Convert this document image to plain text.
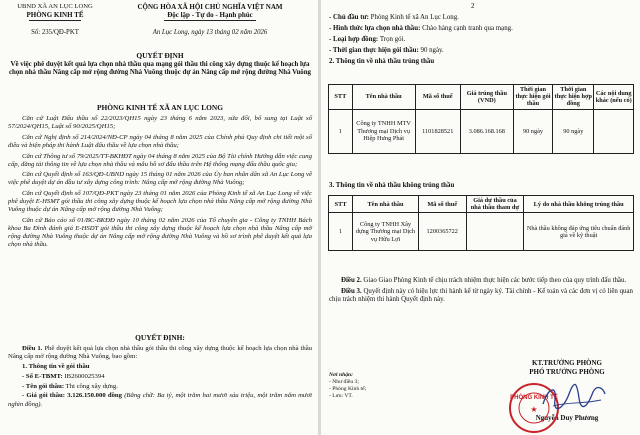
UBND XÃ AN LỤC LONG
PHÒNG KINH TẾ
Số: 235/QĐ-PKT
CỘNG HÒA XÃ HỘI CHỦ NGHĨA VIỆT NAM
Độc lập - Tự do - Hạnh phúc
An Lục Long, ngày 13 tháng 02 năm 2026
QUYẾT ĐỊNH
Về việc phê duyệt kết quả lựa chọn nhà thầu qua mạng gói thầu thi công xây dựng thuộc kế hoạch lựa chọn nhà thầu Nâng cấp mở rộng đường Nhà Vuông thuộc dự án Nâng cấp mở rộng đường Nhà Vuông
PHÒNG KINH TẾ XÃ AN LỤC LONG

Căn cứ Luật Đấu thầu số 22/2023/QH15 ngày 23 tháng 6 năm 2023, sửa đổi, bổ sung tại Luật số 57/2024/QH15, Luật số 90/2025/QH15;

Căn cứ Nghị định số 214/2024/NĐ-CP ngày 04 tháng 8 năm 2025 của Chính phủ Quy định chi tiết một số điều và biện pháp thi hành Luật đấu thầu về lựa chọn nhà thầu;

Căn cứ Thông tư số 79/2025/TT-BKHĐT ngày 04 tháng 8 năm 2025 của Bộ Tài chính Hướng dẫn việc cung cấp, đăng tải thông tin về lựa chọn nhà thầu và mẫu hồ sơ đấu thầu trên Hệ thống mạng đấu thầu quốc gia;

Căn cứ Quyết định số 163/QĐ-UBND ngày 15 tháng 01 năm 2026 của Ủy ban nhân dân xã An Lục Long về việc phê duyệt dự án đầu tư xây dựng công trình: Nâng cấp mở rộng đường Nhà Vuông;

Căn cứ Quyết định số 107/QĐ-PKT ngày 23 tháng 01 năm 2026 của Phòng Kinh tế xã An Lục Long về việc phê duyệt E-HSMT gói thầu thi công xây dựng thuộc kế hoạch lựa chọn nhà thầu Nâng cấp mở rộng đường Nhà Vuông thuộc dự án Nâng cấp mở rộng đường Nhà Vuông;

Căn cứ Báo cáo số 01/BC-BKĐĐ ngày 10 tháng 02 năm 2026 của Tổ chuyên gia - Công ty TNHH Bách khoa Ba Đình đánh giá E-HSDT gói thầu thi công xây dựng thuộc kế hoạch lựa chọn nhà thầu Nâng cấp mở rộng đường Nhà Vuông thuộc dự án Nâng cấp mở rộng đường Nhà Vuông và hồ sơ trình phê duyệt kết quả lựa chọn nhà thầu.

QUYẾT ĐỊNH:

Điều 1. Phê duyệt kết quả lựa chọn nhà thầu gói thầu thi công xây dựng thuộc kế hoạch lựa chọn nhà thầu Nâng cấp mở rộng đường Nhà Vuông, bao gồm:

1. Thông tin về gói thầu

- Số E-TBMT: IB2600025394

- Tên gói thầu: Thi công xây dựng.

- Giá gói thầu: 3.126.150.000 đồng (Bằng chữ: Ba tỷ, một trăm hai mươi sáu triệu, một trăm năm mươi nghìn đồng).

2

- Chủ đầu tư: Phòng Kinh tế xã An Lục Long.

- Hình thức lựa chọn nhà thầu: Chào hàng cạnh tranh qua mạng.

- Loại hợp đồng: Trọn gói.

- Thời gian thực hiện gói thầu: 90 ngày.

2. Thông tin về nhà thầu trúng thầu

STT	Tên nhà thầu	Mã số thuế	Giá trúng thầu (VND)	Thời gian thực hiện gói thầu	Thời gian thực hiện hợp đồng	Các nội dung khác (nếu có)
1	Công ty TNHH MTV Thương mại Dịch vụ Hiệp Hưng Phát	1101828521	3.086.168.168	90 ngày	90 ngày	

3. Thông tin về nhà thầu không trúng thầu

STT	Tên nhà thầu	Mã số thuế	Giá dự thầu của nhà thầu tham dự	Lý do nhà thầu không trúng thầu
1	Công ty TNHH Xây dựng Thương mại Dịch vụ Hữu Lợi	1200365722		Nhà thầu không đáp ứng tiêu chuẩn đánh giá về kỹ thuật

Điều 2. Giao Giao Phòng Kinh tế chịu trách nhiệm thực hiện các bước tiếp theo của quy trình đấu thầu.

Điều 3. Quyết định này có hiệu lực thi hành kể từ ngày ký. Tài chính - Kế toán và các đơn vị có liên quan chịu trách nhiệm thi hành Quyết định này.

Nơi nhận:
- Như điều 3;
- Phòng Kinh tế;
- Lưu: VT.
KT.TRƯỞNG PHÒNG
PHÓ TRƯỞNG PHÒNG
Nguyễn Duy Phương
PHÒNG KINH TẾ
★
